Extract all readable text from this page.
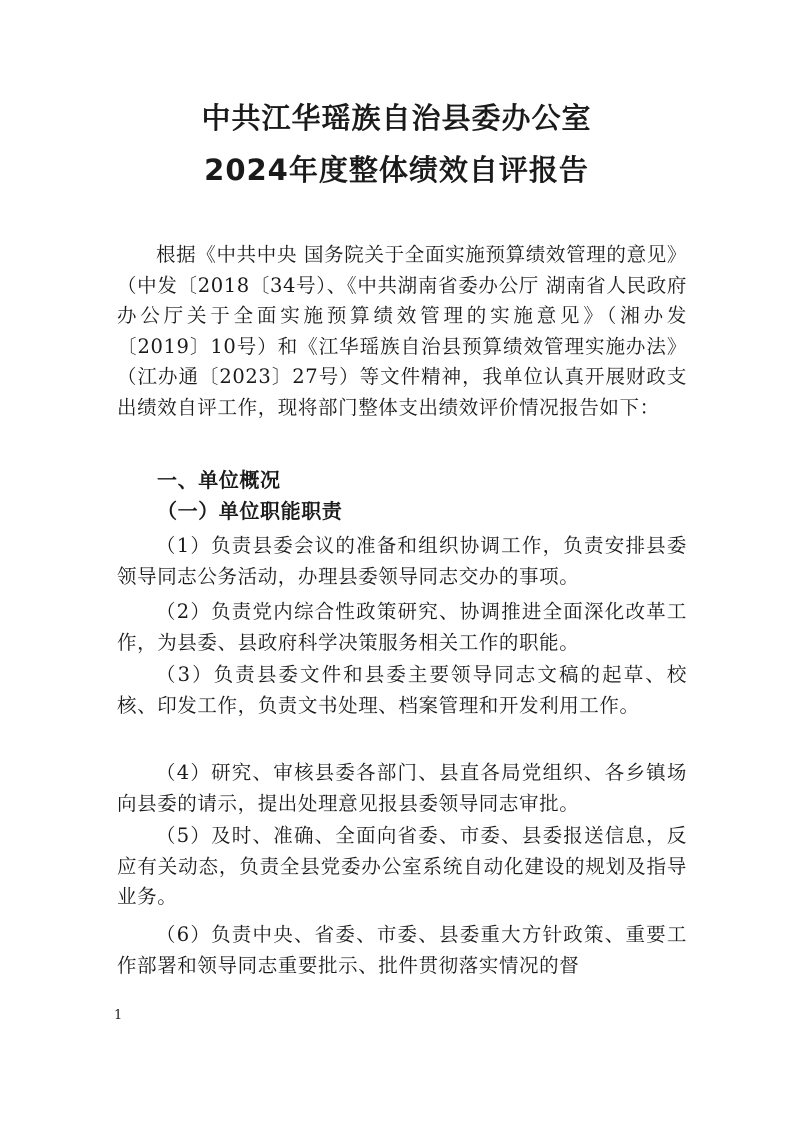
中共江华瑶族自治县委办公室
2024年度整体绩效自评报告

根据《中共中央 国务院关于全面实施预算绩效管理的意见》（中发〔2018〔34号）、《中共湖南省委办公厅 湖南省人民政府办公厅关于全面实施预算绩效管理的实施意见》（湘办发〔2019〕10号）和《江华瑶族自治县预算绩效管理实施办法》（江办通〔2023〕27号）等文件精神，我单位认真开展财政支出绩效自评工作，现将部门整体支出绩效评价情况报告如下：

一、单位概况

（一）单位职能职责

（1）负责县委会议的准备和组织协调工作，负责安排县委领导同志公务活动，办理县委领导同志交办的事项。

（2）负责党内综合性政策研究、协调推进全面深化改革工作，为县委、县政府科学决策服务相关工作的职能。

（3）负责县委文件和县委主要领导同志文稿的起草、校核、印发工作，负责文书处理、档案管理和开发利用工作。

（4）研究、审核县委各部门、县直各局党组织、各乡镇场向县委的请示，提出处理意见报县委领导同志审批。

（5）及时、准确、全面向省委、市委、县委报送信息，反应有关动态，负责全县党委办公室系统自动化建设的规划及指导业务。

（6）负责中央、省委、市委、县委重大方针政策、重要工作部署和领导同志重要批示、批件贯彻落实情况的督

1
